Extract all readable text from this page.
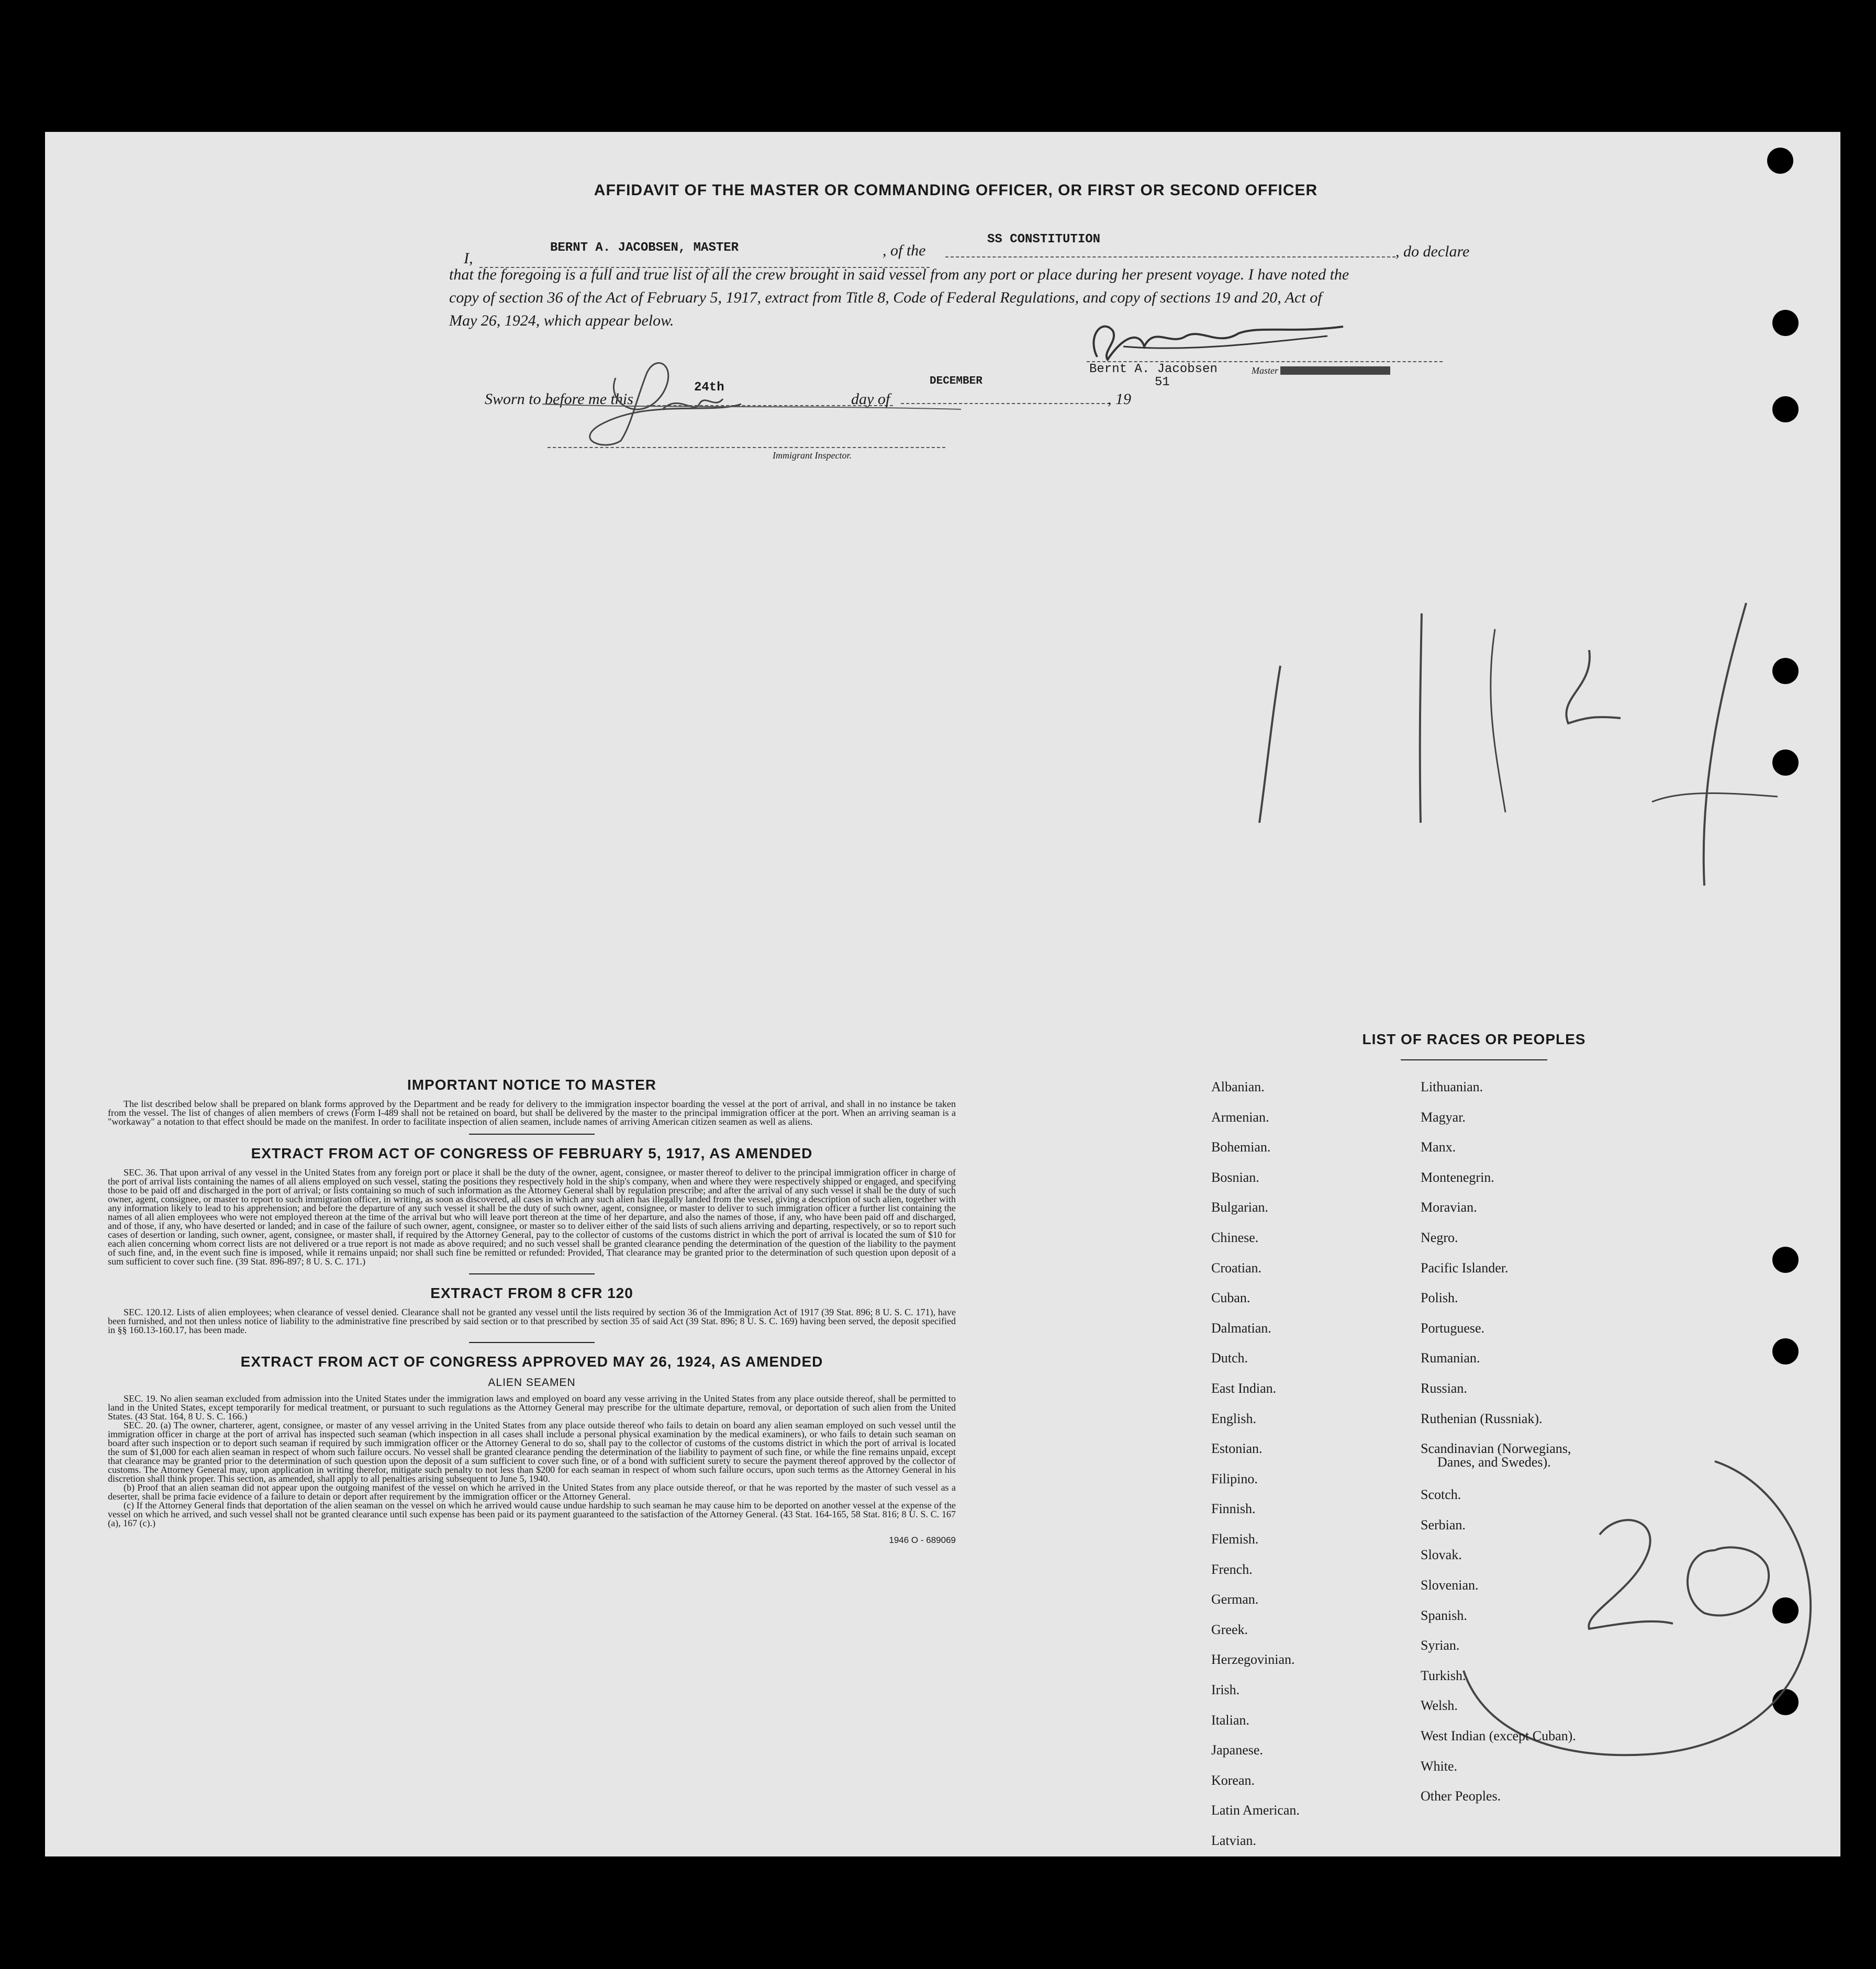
AFFIDAVIT OF THE MASTER OR COMMANDING OFFICER, OR FIRST OR SECOND OFFICER
I,
BERNT A. JACOBSEN, MASTER	, of the
SS CONSTITUTION
, do declare
that the foregoing is a full and true list of all the crew brought in said vessel from any port or place during her present voyage. I have noted the
copy of section 36 of the Act of February 5, 1917, extract from Title 8, Code of Federal Regulations, and copy of sections 19 and 20, Act of
May 26, 1924, which appear below.
Bernt A. Jacobsen	Master
Sworn to before me this
24th
day of
DECEMBER
, 19
51
Immigrant Inspector.
IMPORTANT NOTICE TO MASTER

The list described below shall be prepared on blank forms approved by the Department and be ready for delivery to the immigration inspector boarding the vessel at the port of arrival, and shall in no instance be taken from the vessel. The list of changes of alien members of crews (Form I-489 shall not be retained on board, but shall be delivered by the master to the principal immigration officer at the port. When an arriving seaman is a "workaway" a notation to that effect should be made on the manifest. In order to facilitate inspection of alien seamen, include names of arriving American citizen seamen as well as aliens.

EXTRACT FROM ACT OF CONGRESS OF FEBRUARY 5, 1917, AS AMENDED

SEC. 36. That upon arrival of any vessel in the United States from any foreign port or place it shall be the duty of the owner, agent, consignee, or master thereof to deliver to the principal immigration officer in charge of the port of arrival lists containing the names of all aliens employed on such vessel, stating the positions they respectively hold in the ship's company, when and where they were respectively shipped or engaged, and specifying those to be paid off and discharged in the port of arrival; or lists containing so much of such information as the Attorney General shall by regulation prescribe; and after the arrival of any such vessel it shall be the duty of such owner, agent, consignee, or master to report to such immigration officer, in writing, as soon as discovered, all cases in which any such alien has illegally landed from the vessel, giving a description of such alien, together with any information likely to lead to his apprehension; and before the departure of any such vessel it shall be the duty of such owner, agent, consignee, or master to deliver to such immigration officer a further list containing the names of all alien employees who were not employed thereon at the time of the arrival but who will leave port thereon at the time of her departure, and also the names of those, if any, who have been paid off and discharged, and of those, if any, who have deserted or landed; and in case of the failure of such owner, agent, consignee, or master so to deliver either of the said lists of such aliens arriving and departing, respectively, or so to report such cases of desertion or landing, such owner, agent, consignee, or master shall, if required by the Attorney General, pay to the collector of customs of the customs district in which the port of arrival is located the sum of $10 for each alien concerning whom correct lists are not delivered or a true report is not made as above required; and no such vessel shall be granted clearance pending the determination of the question of the liability to the payment of such fine, and, in the event such fine is imposed, while it remains unpaid; nor shall such fine be remitted or refunded: Provided, That clearance may be granted prior to the determination of such question upon deposit of a sum sufficient to cover such fine. (39 Stat. 896-897; 8 U. S. C. 171.)

EXTRACT FROM 8 CFR 120

SEC. 120.12. Lists of alien employees; when clearance of vessel denied. Clearance shall not be granted any vessel until the lists required by section 36 of the Immigration Act of 1917 (39 Stat. 896; 8 U. S. C. 171), have been furnished, and not then unless notice of liability to the administrative fine prescribed by said section or to that prescribed by section 35 of said Act (39 Stat. 896; 8 U. S. C. 169) having been served, the deposit specified in §§ 160.13-160.17, has been made.

EXTRACT FROM ACT OF CONGRESS APPROVED MAY 26, 1924, AS AMENDED
ALIEN SEAMEN

SEC. 19. No alien seaman excluded from admission into the United States under the immigration laws and employed on board any vesse arriving in the United States from any place outside thereof, shall be permitted to land in the United States, except temporarily for medical treatment, or pursuant to such regulations as the Attorney General may prescribe for the ultimate departure, removal, or deportation of such alien from the United States. (43 Stat. 164, 8 U. S. C. 166.)

SEC. 20. (a) The owner, charterer, agent, consignee, or master of any vessel arriving in the United States from any place outside thereof who fails to detain on board any alien seaman employed on such vessel until the immigration officer in charge at the port of arrival has inspected such seaman (which inspection in all cases shall include a personal physical examination by the medical examiners), or who fails to detain such seaman on board after such inspection or to deport such seaman if required by such immigration officer or the Attorney General to do so, shall pay to the collector of customs of the customs district in which the port of arrival is located the sum of $1,000 for each alien seaman in respect of whom such failure occurs. No vessel shall be granted clearance pending the determination of the liability to payment of such fine, or while the fine remains unpaid, except that clearance may be granted prior to the determination of such question upon the deposit of a sum sufficient to cover such fine, or of a bond with sufficient surety to secure the payment thereof approved by the collector of customs. The Attorney General may, upon application in writing therefor, mitigate such penalty to not less than $200 for each seaman in respect of whom such failure occurs, upon such terms as the Attorney General in his discretion shall think proper. This section, as amended, shall apply to all penalties arising subsequent to June 5, 1940.

(b) Proof that an alien seaman did not appear upon the outgoing manifest of the vessel on which he arrived in the United States from any place outside thereof, or that he was reported by the master of such vessel as a deserter, shall be prima facie evidence of a failure to detain or deport after requirement by the immigration officer or the Attorney General.

(c) If the Attorney General finds that deportation of the alien seaman on the vessel on which he arrived would cause undue hardship to such seaman he may cause him to be deported on another vessel at the expense of the vessel on which he arrived, and such vessel shall not be granted clearance until such expense has been paid or its payment guaranteed to the satisfaction of the Attorney General. (43 Stat. 164-165, 58 Stat. 816; 8 U. S. C. 167 (a), 167 (c).)

1946 O - 689069
LIST OF RACES OR PEOPLES
Albanian.
Armenian.
Bohemian.
Bosnian.
Bulgarian.
Chinese.
Croatian.
Cuban.
Dalmatian.
Dutch.
East Indian.
English.
Estonian.
Filipino.
Finnish.
Flemish.
French.
German.
Greek.
Herzegovinian.
Irish.
Italian.
Japanese.
Korean.
Latin American.
Latvian.
Lithuanian.
Magyar.
Manx.
Montenegrin.
Moravian.
Negro.
Pacific Islander.
Polish.
Portuguese.
Rumanian.
Russian.
Ruthenian (Russniak).
Scandinavian (Norwegians,
Danes, and Swedes).
Scotch.
Serbian.
Slovak.
Slovenian.
Spanish.
Syrian.
Turkish.
Welsh.
West Indian (except Cuban).
White.
Other Peoples.
